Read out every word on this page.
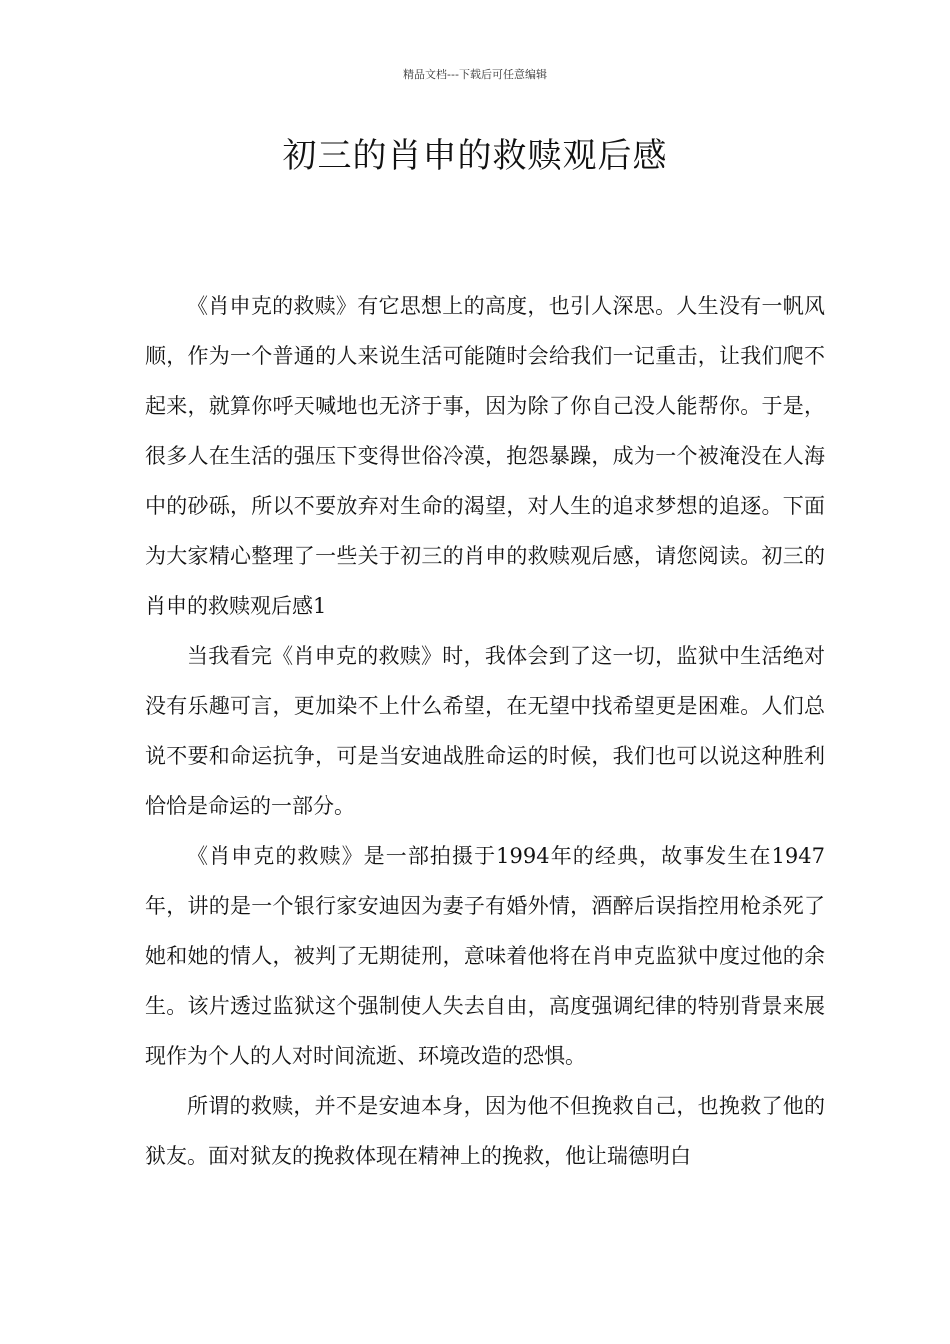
精品文档---下载后可任意编辑
初三的肖申的救赎观后感

《肖申克的救赎》有它思想上的高度，也引人深思。人生没有一帆风顺，作为一个普通的人来说生活可能随时会给我们一记重击，让我们爬不起来，就算你呼天喊地也无济于事，因为除了你自己没人能帮你。于是，很多人在生活的强压下变得世俗冷漠，抱怨暴躁，成为一个被淹没在人海中的砂砾，所以不要放弃对生命的渴望，对人生的追求梦想的追逐。下面为大家精心整理了一些关于初三的肖申的救赎观后感，请您阅读。初三的肖申的救赎观后感1

当我看完《肖申克的救赎》时，我体会到了这一切，监狱中生活绝对没有乐趣可言，更加染不上什么希望，在无望中找希望更是困难。人们总说不要和命运抗争，可是当安迪战胜命运的时候，我们也可以说这种胜利恰恰是命运的一部分。

《肖申克的救赎》是一部拍摄于1994年的经典，故事发生在1947年，讲的是一个银行家安迪因为妻子有婚外情，酒醉后误指控用枪杀死了她和她的情人，被判了无期徒刑，意味着他将在肖申克监狱中度过他的余生。该片透过监狱这个强制使人失去自由，高度强调纪律的特别背景来展现作为个人的人对时间流逝、环境改造的恐惧。

所谓的救赎，并不是安迪本身，因为他不但挽救自己，也挽救了他的狱友。面对狱友的挽救体现在精神上的挽救，他让瑞德明白
